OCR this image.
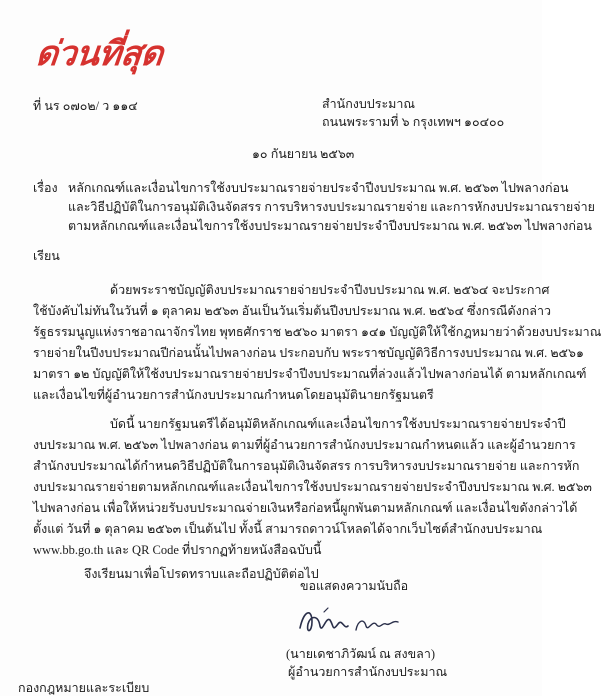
ด่วนที่สุด
ที่ นร ๐๗๐๒/ ว ๑๑๔	สำนักงบประมาณ
ถนนพระรามที่ ๖ กรุงเทพฯ ๑๐๔๐๐
๑๐ กันยายน ๒๕๖๓
เรื่อง หลักเกณฑ์และเงื่อนไขการใช้งบประมาณรายจ่ายประจำปีงบประมาณ พ.ศ. ๒๕๖๓ ไปพลางก่อน
และวิธีปฏิบัติในการอนุมัติเงินจัดสรร การบริหารงบประมาณรายจ่าย และการหักงบประมาณรายจ่าย
ตามหลักเกณฑ์และเงื่อนไขการใช้งบประมาณรายจ่ายประจำปีงบประมาณ พ.ศ. ๒๕๖๓ ไปพลางก่อน
เรียน
ด้วยพระราชบัญญัติงบประมาณรายจ่ายประจำปีงบประมาณ พ.ศ. ๒๕๖๔ จะประกาศ
ใช้บังคับไม่ทันในวันที่ ๑ ตุลาคม ๒๕๖๓ อันเป็นวันเริ่มต้นปีงบประมาณ พ.ศ. ๒๕๖๔ ซึ่งกรณีดังกล่าว
รัฐธรรมนูญแห่งราชอาณาจักรไทย พุทธศักราช ๒๕๖๐ มาตรา ๑๔๑ บัญญัติให้ใช้กฎหมายว่าด้วยงบประมาณ
รายจ่ายในปีงบประมาณปีก่อนนั้นไปพลางก่อน ประกอบกับ พระราชบัญญัติวิธีการงบประมาณ พ.ศ. ๒๕๖๑
มาตรา ๑๒ บัญญัติให้ใช้งบประมาณรายจ่ายประจำปีงบประมาณที่ล่วงแล้วไปพลางก่อนได้ ตามหลักเกณฑ์
และเงื่อนไขที่ผู้อำนวยการสำนักงบประมาณกำหนดโดยอนุมัตินายกรัฐมนตรี
บัดนี้ นายกรัฐมนตรีได้อนุมัติหลักเกณฑ์และเงื่อนไขการใช้งบประมาณรายจ่ายประจำปี
งบประมาณ พ.ศ. ๒๕๖๓ ไปพลางก่อน ตามที่ผู้อำนวยการสำนักงบประมาณกำหนดแล้ว และผู้อำนวยการ
สำนักงบประมาณได้กำหนดวิธีปฏิบัติในการอนุมัติเงินจัดสรร การบริหารงบประมาณรายจ่าย และการหัก
งบประมาณรายจ่ายตามหลักเกณฑ์และเงื่อนไขการใช้งบประมาณรายจ่ายประจำปีงบประมาณ พ.ศ. ๒๕๖๓
ไปพลางก่อน เพื่อให้หน่วยรับงบประมาณจ่ายเงินหรือก่อหนี้ผูกพันตามหลักเกณฑ์ และเงื่อนไขดังกล่าวได้
ตั้งแต่ วันที่ ๑ ตุลาคม ๒๕๖๓ เป็นต้นไป ทั้งนี้ สามารถดาวน์โหลดได้จากเว็บไซต์สำนักงบประมาณ
www.bb.go.th และ QR Code ที่ปรากฏท้ายหนังสือฉบับนี้
จึงเรียนมาเพื่อโปรดทราบและถือปฏิบัติต่อไป
ขอแสดงความนับถือ
(นายเดชาภิวัฒน์ ณ สงขลา)
ผู้อำนวยการสำนักงบประมาณ
กองกฎหมายและระเบียบ
